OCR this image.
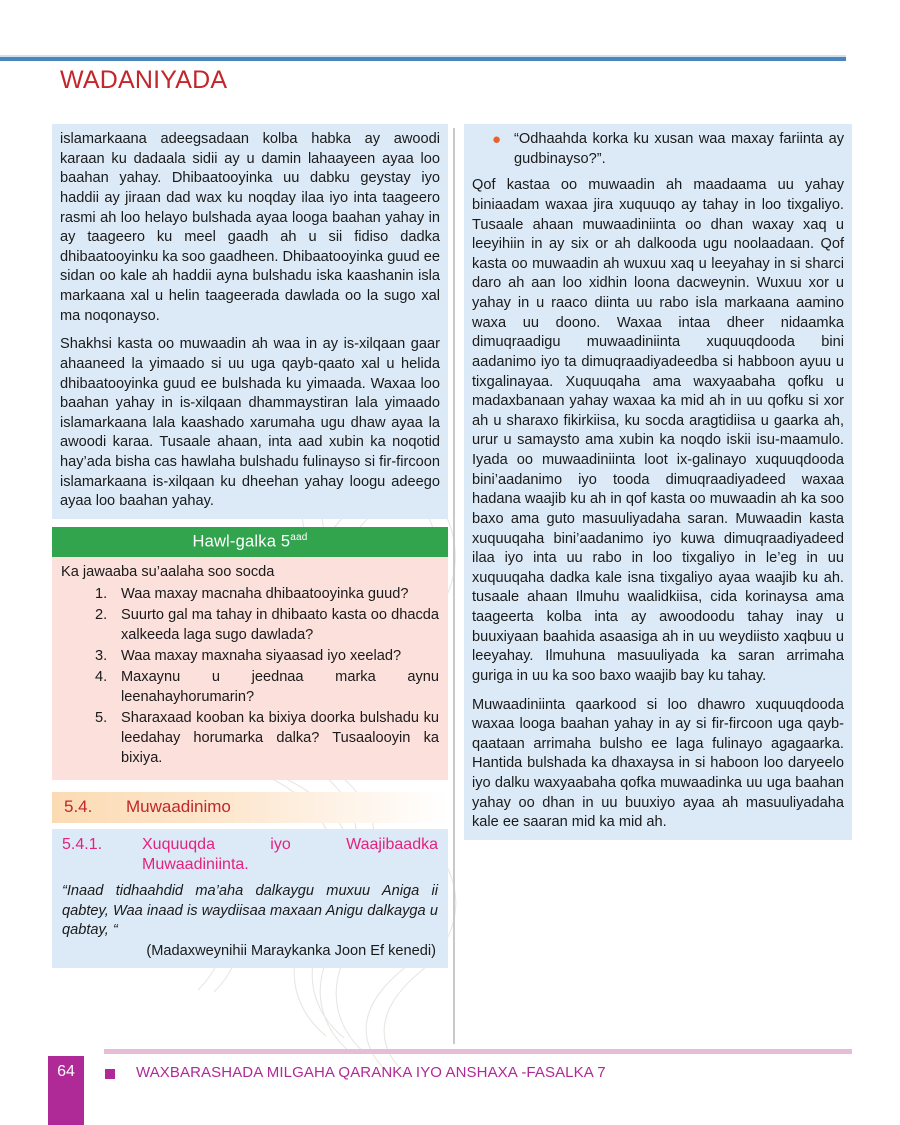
WADANIYADA

islamarkaana adeegsadaan kolba habka ay awoodi karaan ku dadaala sidii ay u damin lahaayeen ayaa loo baahan yahay. Dhibaatooyinka uu dabku geystay iyo haddii ay jiraan dad wax ku noqday ilaa iyo inta taageero rasmi ah loo helayo bulshada ayaa looga baahan yahay in ay taageero ku meel gaadh ah u sii fidiso dadka dhibaatooyinku ka soo gaadheen. Dhibaatooyinka guud ee sidan oo kale ah haddii ayna bulshadu iska kaashanin isla markaana xal u helin taageerada dawlada oo la sugo xal ma noqonayso.

Shakhsi kasta oo muwaadin ah waa in ay is-xilqaan gaar ahaaneed la yimaado si uu uga qayb-qaato xal u helida dhibaatooyinka guud ee bulshada ku yimaada. Waxaa loo baahan yahay in is-xilqaan dhammaystiran lala yimaado islamarkaana lala kaashado xarumaha ugu dhaw ayaa la awoodi karaa. Tusaale ahaan, inta aad xubin ka noqotid hay’ada bisha cas hawlaha bulshadu fulinayso si fir-fircoon islamarkaana is-xilqaan ku dheehan yahay loogu adeego ayaa loo baahan yahay.

Hawl-galka $5^{aad}$
Ka jawaaba su’aalaha soo socda
Waa maxay macnaha dhibaatooyinka guud?
Suurto gal ma tahay in dhibaato kasta oo dhacda xalkeeda laga sugo dawlada?
Waa maxay maxnaha siyaasad iyo xeelad?
Maxaynu u jeednaa marka aynu leenahayhorumarin?
Sharaxaad kooban ka bixiya doorka bulshadu ku leedahay horumarka dalka? Tusaalooyin ka bixiya.
5.4. Muwaadinimo
5.4.1.	Xuquuqda iyo Waajibaadka Muwaadiniinta.
“Inaad tidhaahdid ma’aha dalkaygu muxuu Aniga ii qabtey, Waa inaad is waydiisaa maxaan Anigu dalkayga u qabtay, “
(Madaxweynihii Maraykanka Joon Ef kenedi)
● “Odhaahda korka ku xusan waa maxay fariinta ay gudbinayso?”.

Qof kastaa oo muwaadin ah maadaama uu yahay biniaadam waxaa jira xuquuqo ay tahay in loo tixgaliyo. Tusaale ahaan muwaadiniinta oo dhan waxay xaq u leeyihiin in ay six or ah dalkooda ugu noolaadaan. Qof kasta oo muwaadin ah wuxuu xaq u leeyahay in si sharci daro ah aan loo xidhin loona dacweynin. Wuxuu xor u yahay in u raaco diinta uu rabo isla markaana aamino waxa uu doono. Waxaa intaa dheer nidaamka dimuqraadigu muwaadiniinta xuquuqdooda bini aadanimo iyo ta dimuqraadiyadeedba si habboon ayuu u tixgalinayaa. Xuquuqaha ama waxyaabaha qofku u madaxbanaan yahay waxaa ka mid ah in uu qofku si xor ah u sharaxo fikirkiisa, ku socda aragtidiisa u gaarka ah, urur u samaysto ama xubin ka noqdo iskii isu-maamulo. Iyada oo muwaadiniinta loot ix-galinayo xuquuqdooda bini’aadanimo iyo tooda dimuqraadiyadeed waxaa hadana waajib ku ah in qof kasta oo muwaadin ah ka soo baxo ama guto masuuliyadaha saran. Muwaadin kasta xuquuqaha bini’aadanimo iyo kuwa dimuqraadiyadeed ilaa iyo inta uu rabo in loo tixgaliyo in le’eg in uu xuquuqaha dadka kale isna tixgaliyo ayaa waajib ku ah. tusaale ahaan Ilmuhu waalidkiisa, cida korinaysa ama taageerta kolba inta ay awoodoodu tahay inay u buuxiyaan baahida asaasiga ah in uu weydiisto xaqbuu u leeyahay. Ilmuhuna masuuliyada ka saran arrimaha guriga in uu ka soo baxo waajib bay ku tahay.

Muwaadiniinta qaarkood si loo dhawro xuquuqdooda waxaa looga baahan yahay in ay si fir-fircoon uga qayb-qaataan arrimaha bulsho ee laga fulinayo agagaarka. Hantida bulshada ka dhaxaysa in si haboon loo daryeelo iyo dalku waxyaabaha qofka muwaadinka uu uga baahan yahay oo dhan in uu buuxiyo ayaa ah masuuliyadaha kale ee saaran mid ka mid ah.

64	WAXBARASHADA MILGAHA QARANKA IYO ANSHAXA -FASALKA 7
